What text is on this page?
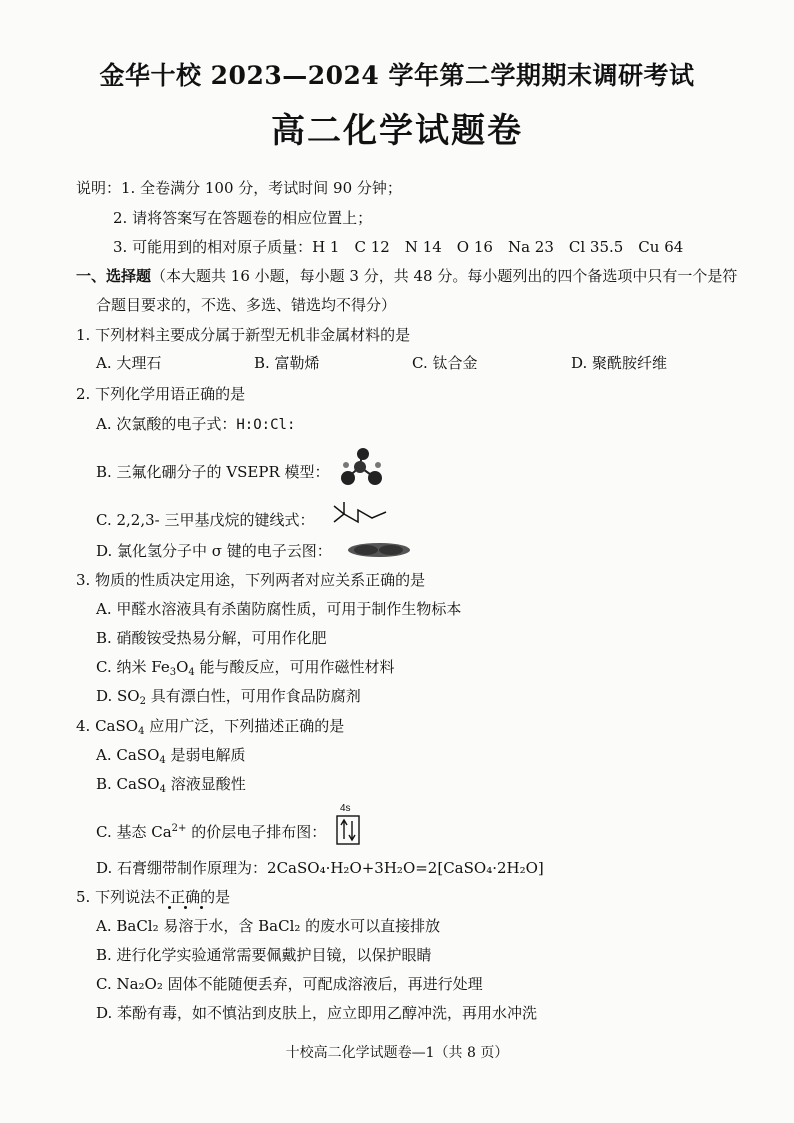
金华十校 2023—2024 学年第二学期期末调研考试
高二化学试题卷
说明：1. 全卷满分 100 分，考试时间 90 分钟；
2. 请将答案写在答题卷的相应位置上；
3. 可能用到的相对原子质量：H 1　C 12　N 14　O 16　Na 23　Cl 35.5　Cu 64
一、选择题（本大题共 16 小题，每小题 3 分，共 48 分。每小题列出的四个备选项中只有一个是符
合题目要求的，不选、多选、错选均不得分）
1. 下列材料主要成分属于新型无机非金属材料的是
A. 大理石	B. 富勒烯	C. 钛合金	D. 聚酰胺纤维
2. 下列化学用语正确的是
A. 次氯酸的电子式：H:O:Cl:
B. 三氟化硼分子的 VSEPR 模型：
C. 2,2,3- 三甲基戊烷的键线式：
D. 氯化氢分子中 σ 键的电子云图：
3. 物质的性质决定用途，下列两者对应关系正确的是
A. 甲醛水溶液具有杀菌防腐性质，可用于制作生物标本
B. 硝酸铵受热易分解，可用作化肥
C. 纳米 $Fe_3O_4$ 能与酸反应，可用作磁性材料
D. $SO_2$ 具有漂白性，可用作食品防腐剂
4. CaSO$_4$ 应用广泛，下列描述正确的是
A. CaSO$_4$ 是弱电解质
B. CaSO$_4$ 溶液显酸性
C. 基态 $Ca^{2+}$ 的价层电子排布图：
4s
D. 石膏绷带制作原理为：2CaSO₄·H₂O+3H₂O=2[CaSO₄·2H₂O]
5. 下列说法不正确的是
A. BaCl₂ 易溶于水，含 BaCl₂ 的废水可以直接排放
B. 进行化学实验通常需要佩戴护目镜，以保护眼睛
C. Na₂O₂ 固体不能随便丢弃，可配成溶液后，再进行处理
D. 苯酚有毒，如不慎沾到皮肤上，应立即用乙醇冲洗，再用水冲洗
十校高二化学试题卷—1（共 8 页）
